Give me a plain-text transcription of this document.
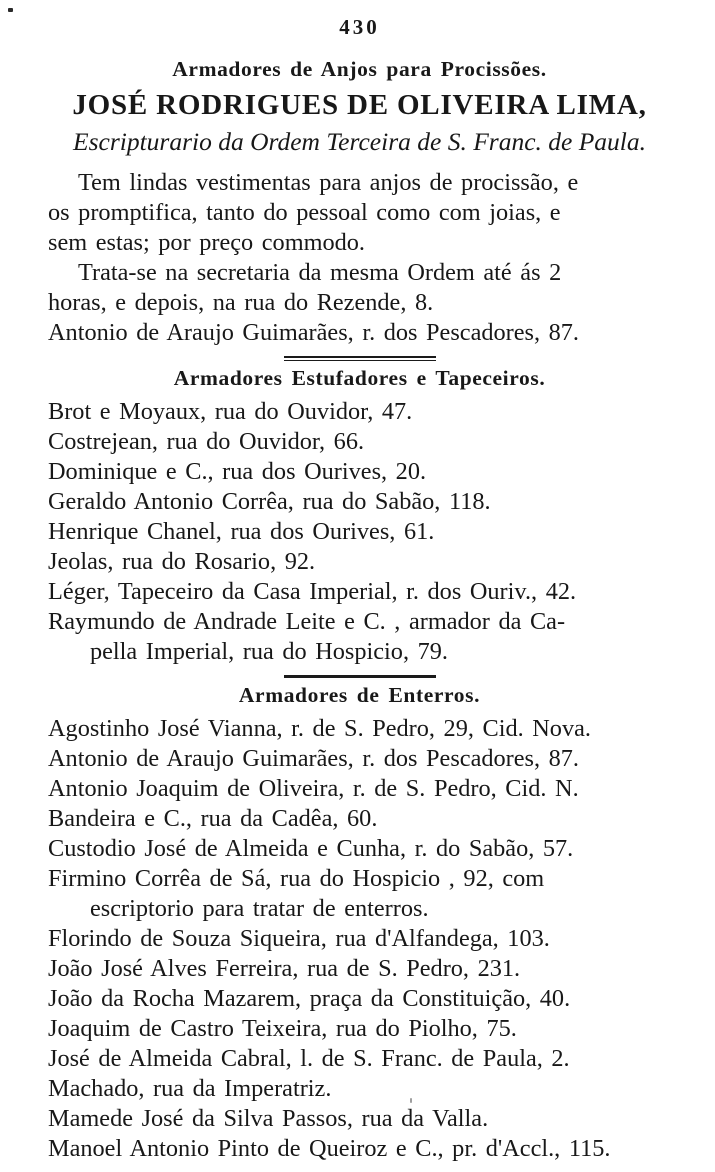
430
Armadores de Anjos para Procissões.
JOSÉ RODRIGUES DE OLIVEIRA LIMA,
Escripturario da Ordem Terceira de S. Franc. de Paula.
Tem lindas vestimentas para anjos de procissão, e
os promptifica, tanto do pessoal como com joias, e
sem estas; por preço commodo.
Trata-se na secretaria da mesma Ordem até ás 2
horas, e depois, na rua do Rezende, 8.
Antonio de Araujo Guimarães, r. dos Pescadores, 87.
Armadores Estufadores e Tapeceiros.
Brot e Moyaux, rua do Ouvidor, 47.
Costrejean, rua do Ouvidor, 66.
Dominique e C., rua dos Ourives, 20.
Geraldo Antonio Corrêa, rua do Sabão, 118.
Henrique Chanel, rua dos Ourives, 61.
Jeolas, rua do Rosario, 92.
Léger, Tapeceiro da Casa Imperial, r. dos Ouriv., 42.
Raymundo de Andrade Leite e C. , armador da Ca-
pella Imperial, rua do Hospicio, 79.
Armadores de Enterros.
Agostinho José Vianna, r. de S. Pedro, 29, Cid. Nova.
Antonio de Araujo Guimarães, r. dos Pescadores, 87.
Antonio Joaquim de Oliveira, r. de S. Pedro, Cid. N.
Bandeira e C., rua da Cadêa, 60.
Custodio José de Almeida e Cunha, r. do Sabão, 57.
Firmino Corrêa de Sá, rua do Hospicio , 92, com
escriptorio para tratar de enterros.
Florindo de Souza Siqueira, rua d'Alfandega, 103.
João José Alves Ferreira, rua de S. Pedro, 231.
João da Rocha Mazarem, praça da Constituição, 40.
Joaquim de Castro Teixeira, rua do Piolho, 75.
José de Almeida Cabral, l. de S. Franc. de Paula, 2.
Machado, rua da Imperatriz.
Mamede José da Silva Passos, rua da Valla.
Manoel Antonio Pinto de Queiroz e C., pr. d'Accl., 115.
